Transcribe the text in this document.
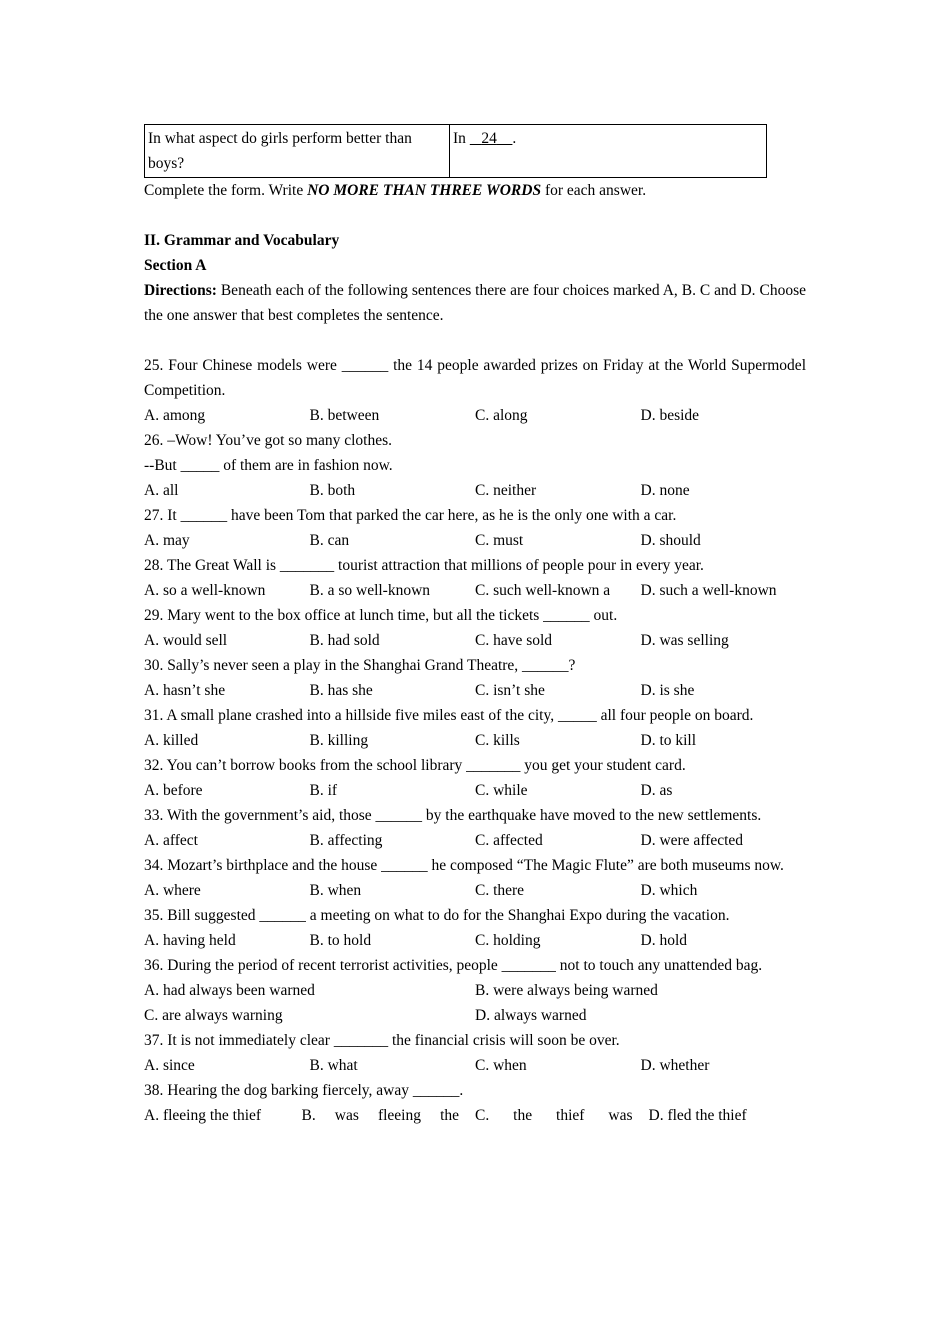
In what aspect do girls perform better than boys?	In 24 .
Complete the form. Write NO MORE THAN THREE WORDS for each answer.
II. Grammar and Vocabulary
Section A
Directions: Beneath each of the following sentences there are four choices marked A, B. C and D. Choose the one answer that best completes the sentence.
25. Four Chinese models were ______ the 14 people awarded prizes on Friday at the World Supermodel Competition.
A. among	B. between	C. along	D. beside
26. –Wow! You’ve got so many clothes.
--But _____ of them are in fashion now.
A. all	B. both	C. neither	D. none
27. It ______ have been Tom that parked the car here, as he is the only one with a car.
A. may	B. can	C. must	D. should
28. The Great Wall is _______ tourist attraction that millions of people pour in every year.
A. so a well-known	B. a so well-known	C. such well-known a	D. such a well-known
29. Mary went to the box office at lunch time, but all the tickets ______ out.
A. would sell	B. had sold	C. have sold	D. was selling
30. Sally’s never seen a play in the Shanghai Grand Theatre, ______?
A. hasn’t she	B. has she	C. isn’t she	D. is she
31. A small plane crashed into a hillside five miles east of the city, _____ all four people on board.
A. killed	B. killing	C. kills	D. to kill
32. You can’t borrow books from the school library _______ you get your student card.
A. before	B. if	C. while	D. as
33. With the government’s aid, those ______ by the earthquake have moved to the new settlements.
A. affect	B. affecting	C. affected	D. were affected
34. Mozart’s birthplace and the house ______ he composed “The Magic Flute” are both museums now.
A. where	B. when	C. there	D. which
35. Bill suggested ______ a meeting on what to do for the Shanghai Expo during the vacation.
A. having held	B. to hold	C. holding	D. hold
36. During the period of recent terrorist activities, people _______ not to touch any unattended bag.
A. had always been warned	B. were always being warned
C. are always warning	D. always warned
37. It is not immediately clear _______ the financial crisis will soon be over.
A. since	B. what	C. when	D. whether
38. Hearing the dog barking fiercely, away ______.
A. fleeing the thief	B. was fleeing the C. the thief was D. fled the thief
